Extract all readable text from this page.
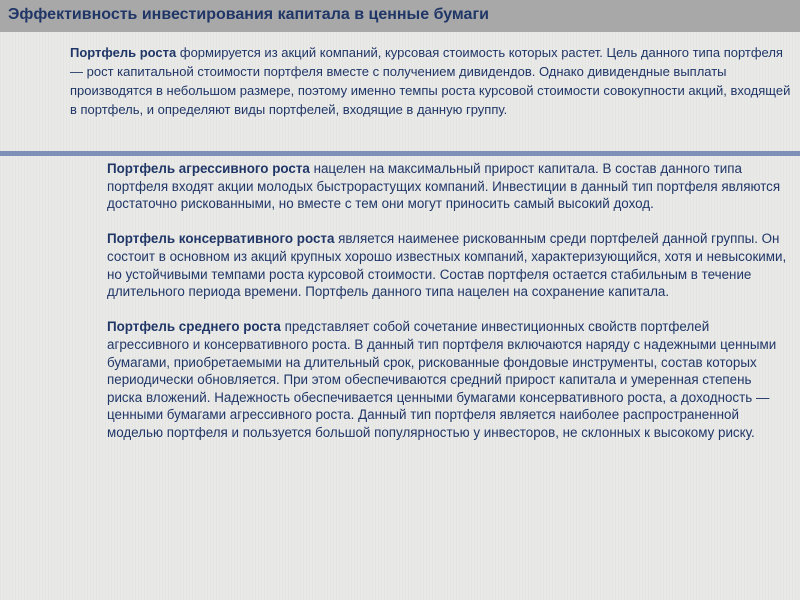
Эффективность инвестирования капитала в ценные бумаги

Портфель роста формируется из акций компаний, курсовая стоимость которых растет. Цель данного типа портфеля — рост капитальной стоимости портфеля вместе с получением дивидендов. Однако дивидендные выплаты производятся в небольшом размере, поэтому именно темпы роста курсовой стоимости совокупности акций, входящей в портфель, и определяют виды портфелей, входящие в данную группу.

Портфель агрессивного роста нацелен на максимальный прирост капитала. В состав данного типа портфеля входят акции молодых быстрорастущих компаний. Инвестиции в данный тип портфеля являются достаточно рискованными, но вместе с тем они могут приносить самый высокий доход.

Портфель консервативного роста является наименее рискованным среди портфелей данной группы. Он состоит в основном из акций крупных хорошо известных компаний, характеризующийся, хотя и невысокими, но устойчивыми темпами роста курсовой стоимости. Состав портфеля остается стабильным в течение длительного периода времени. Портфель данного типа нацелен на сохранение капитала.

Портфель среднего роста представляет собой сочетание инвестиционных свойств портфелей агрессивного и консервативного роста. В данный тип портфеля включаются наряду с надежными ценными бумагами, приобретаемыми на длительный срок, рискованные фондовые инструменты, состав которых периодически обновляется. При этом обеспечиваются средний прирост капитала и умеренная степень риска вложений. Надежность обеспечивается ценными бумагами консервативного роста, а доходность — ценными бумагами агрессивного роста. Данный тип портфеля является наиболее распространенной моделью портфеля и пользуется большой популярностью у инвесторов, не склонных к высокому риску.
